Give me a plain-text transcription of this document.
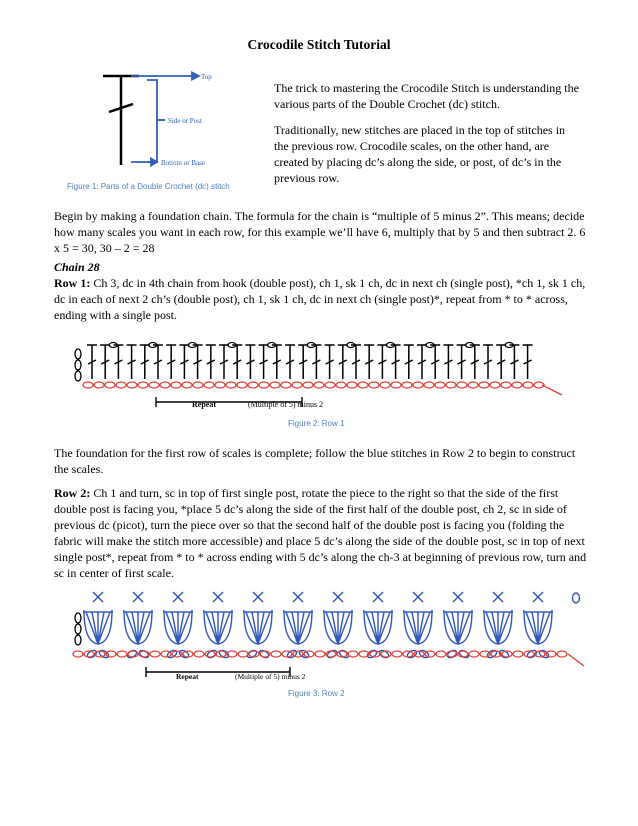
Crocodile Stitch Tutorial
Top
Side or Post
Bottom or Base
Figure 1: Parts of a Double Crochet (dc) stitch

The trick to mastering the Crocodile Stitch is understanding the various parts of the Double Crochet (dc) stitch.

Traditionally, new stitches are placed in the top of stitches in the previous row. Crocodile scales, on the other hand, are created by placing dc’s along the side, or post, of dc’s in the previous row.

Begin by making a foundation chain. The formula for the chain is “multiple of 5 minus 2”. This means; decide how many scales you want in each row, for this example we’ll have 6, multiply that by 5 and then subtract 2. 6 x 5 = 30, 30 – 2 = 28

Chain 28

Row 1: Ch 3, dc in 4th chain from hook (double post), ch 1, sk 1 ch, dc in next ch (single post), *ch 1, sk 1 ch, dc in each of next 2 ch’s (double post), ch 1, sk 1 ch, dc in next ch (single post)*, repeat from * to * across, ending with a single post.

Repeat	(Multiple of 5) minus 2
Figure 2: Row 1

The foundation for the first row of scales is complete; follow the blue stitches in Row 2 to begin to construct the scales.

Row 2: Ch 1 and turn, sc in top of first single post, rotate the piece to the right so that the side of the first double post is facing you, *place 5 dc’s along the side of the first half of the double post, ch 2, sc in side of previous dc (picot), turn the piece over so that the second half of the double post is facing you (folding the fabric will make the stitch more accessible) and place 5 dc’s along the side of the double post, sc in top of next single post*, repeat from * to * across ending with 5 dc’s along the ch-3 at beginning of previous row, turn and sc in center of first scale.

Repeat	(Multiple of 5) minus 2
Figure 3: Row 2
